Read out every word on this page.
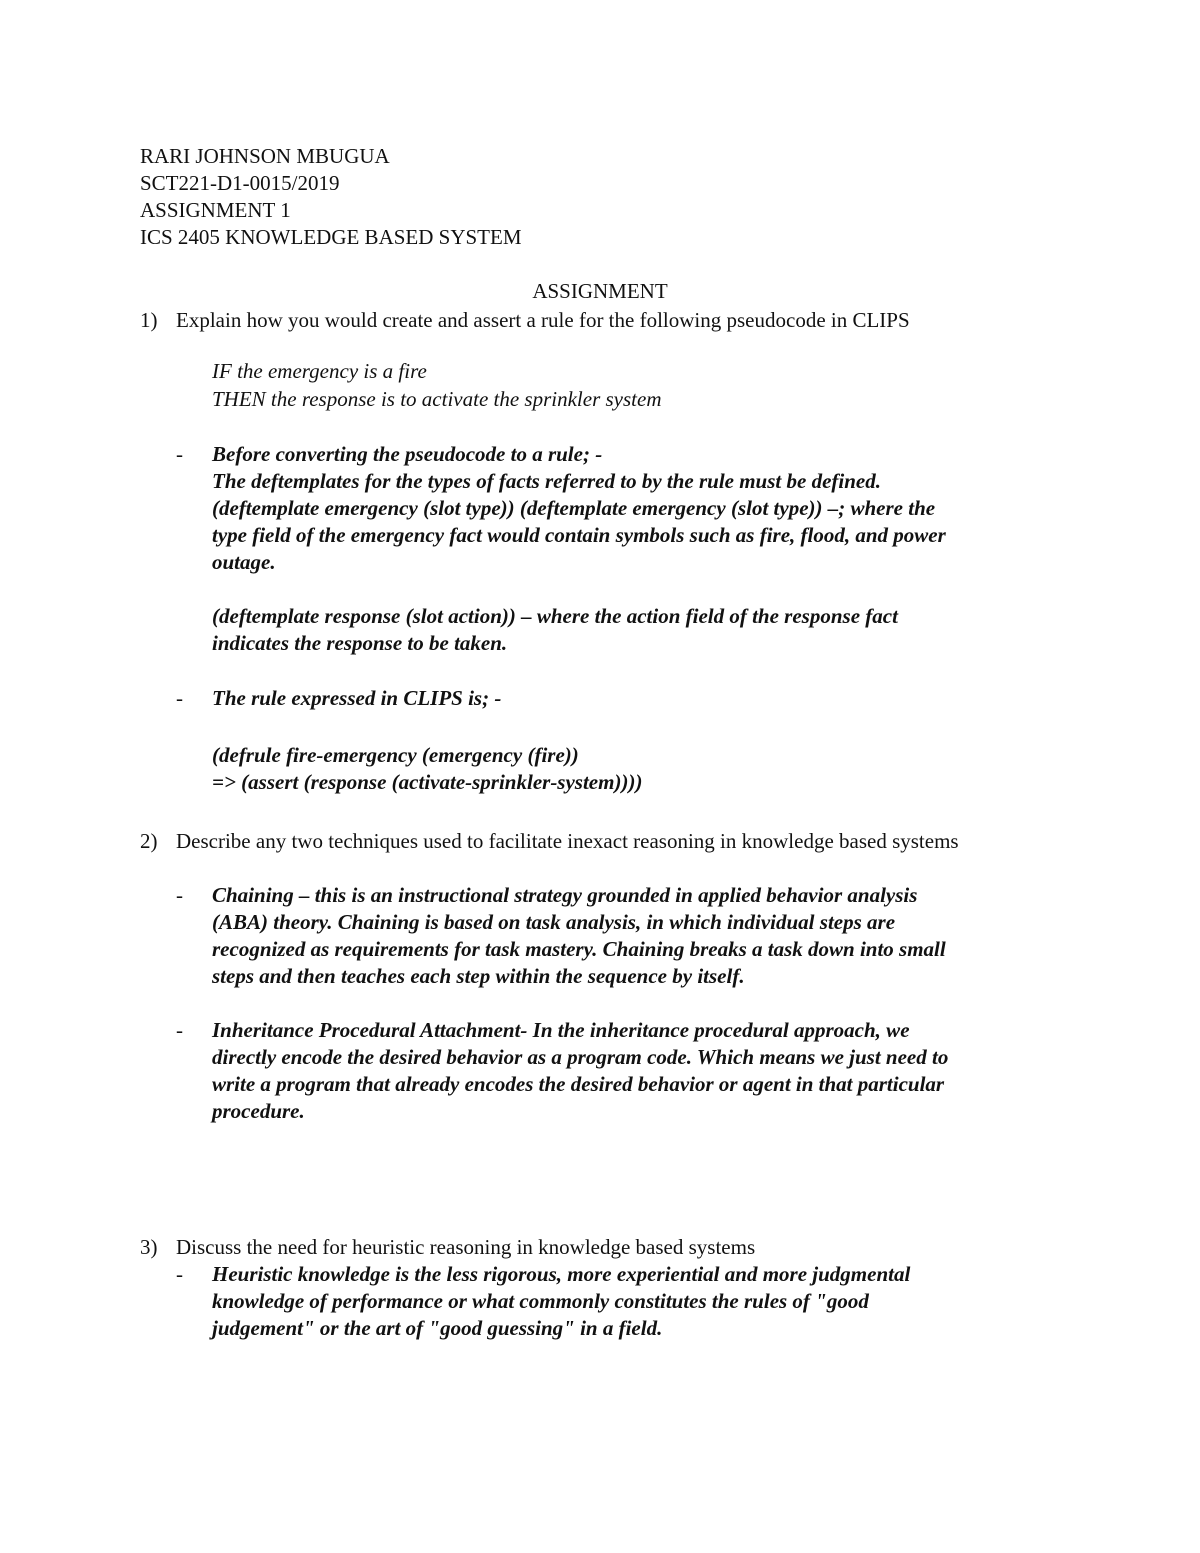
RARI JOHNSON MBUGUA
SCT221-D1-0015/2019
ASSIGNMENT 1
ICS 2405 KNOWLEDGE BASED SYSTEM
ASSIGNMENT
1) Explain how you would create and assert a rule for the following pseudocode in CLIPS
IF the emergency is a fire
THEN the response is to activate the sprinkler system
- Before converting the pseudocode to a rule; -
The deftemplates for the types of facts referred to by the rule must be defined.
(deftemplate emergency (slot type)) (deftemplate emergency (slot type)) –; where the
type field of the emergency fact would contain symbols such as fire, flood, and power
outage.
(deftemplate response (slot action)) – where the action field of the response fact
indicates the response to be taken.
- The rule expressed in CLIPS is; -
(defrule fire-emergency (emergency (fire))
=> (assert (response (activate-sprinkler-system))))
2) Describe any two techniques used to facilitate inexact reasoning in knowledge based systems
- Chaining – this is an instructional strategy grounded in applied behavior analysis
(ABA) theory. Chaining is based on task analysis, in which individual steps are
recognized as requirements for task mastery. Chaining breaks a task down into small
steps and then teaches each step within the sequence by itself.
- Inheritance Procedural Attachment- In the inheritance procedural approach, we
directly encode the desired behavior as a program code. Which means we just need to
write a program that already encodes the desired behavior or agent in that particular
procedure.
3) Discuss the need for heuristic reasoning in knowledge based systems
- Heuristic knowledge is the less rigorous, more experiential and more judgmental
knowledge of performance or what commonly constitutes the rules of "good
judgement" or the art of "good guessing" in a field.
